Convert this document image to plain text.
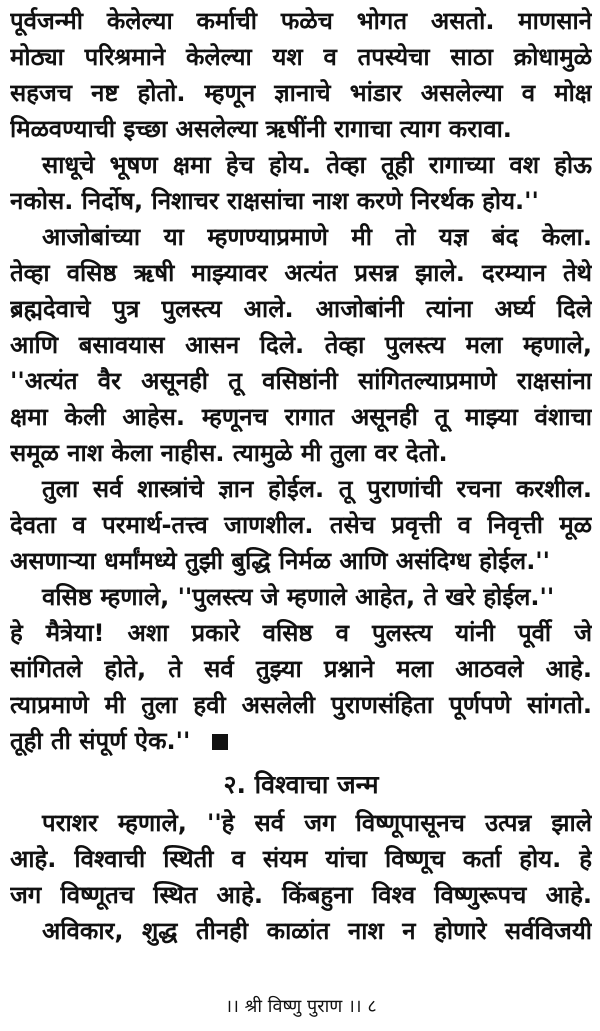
पूर्वजन्मी केलेल्या कर्माची फळेच भोगत असतो. माणसाने
मोठ्या परिश्रमाने केलेल्या यश व तपस्येचा साठा क्रोधामुळे
सहजच नष्ट होतो. म्हणून ज्ञानाचे भांडार असलेल्या व मोक्ष
मिळवण्याची इच्छा असलेल्या ऋषींनी रागाचा त्याग करावा.
साधूचे भूषण क्षमा हेच होय. तेव्हा तूही रागाच्या वश होऊ
नकोस. निर्दोष, निशाचर राक्षसांचा नाश करणे निरर्थक होय.''
आजोबांच्या या म्हणण्याप्रमाणे मी तो यज्ञ बंद केला.
तेव्हा वसिष्ठ ऋषी माझ्यावर अत्यंत प्रसन्न झाले. दरम्यान तेथे
ब्रह्मदेवाचे पुत्र पुलस्त्य आले. आजोबांनी त्यांना अर्घ्य दिले
आणि बसावयास आसन दिले. तेव्हा पुलस्त्य मला म्हणाले,
''अत्यंत वैर असूनही तू वसिष्ठांनी सांगितल्याप्रमाणे राक्षसांना
क्षमा केली आहेस. म्हणूनच रागात असूनही तू माझ्या वंशाचा
समूळ नाश केला नाहीस. त्यामुळे मी तुला वर देतो.
तुला सर्व शास्त्रांचे ज्ञान होईल. तू पुराणांची रचना करशील.
देवता व परमार्थ-तत्त्व जाणशील. तसेच प्रवृत्ती व निवृत्ती मूळ
असणाऱ्या धर्मांमध्ये तुझी बुद्धि निर्मळ आणि असंदिग्ध होईल.''
वसिष्ठ म्हणाले, ''पुलस्त्य जे म्हणाले आहेत, ते खरे होईल.''
हे मैत्रेया! अशा प्रकारे वसिष्ठ व पुलस्त्य यांनी पूर्वी जे
सांगितले होते, ते सर्व तुझ्या प्रश्नाने मला आठवले आहे.
त्याप्रमाणे मी तुला हवी असलेली पुराणसंहिता पूर्णपणे सांगतो.
तूही ती संपूर्ण ऐक.''
२. विश्वाचा जन्म
पराशर म्हणाले, ''हे सर्व जग विष्णूपासूनच उत्पन्न झाले
आहे. विश्वाची स्थिती व संयम यांचा विष्णूच कर्ता होय. हे
जग विष्णूतच स्थित आहे. किंबहुना विश्व विष्णुरूपच आहे.
अविकार, शुद्ध तीनही काळांत नाश न होणारे सर्वविजयी
।। श्री विष्णु पुराण ।। ८
